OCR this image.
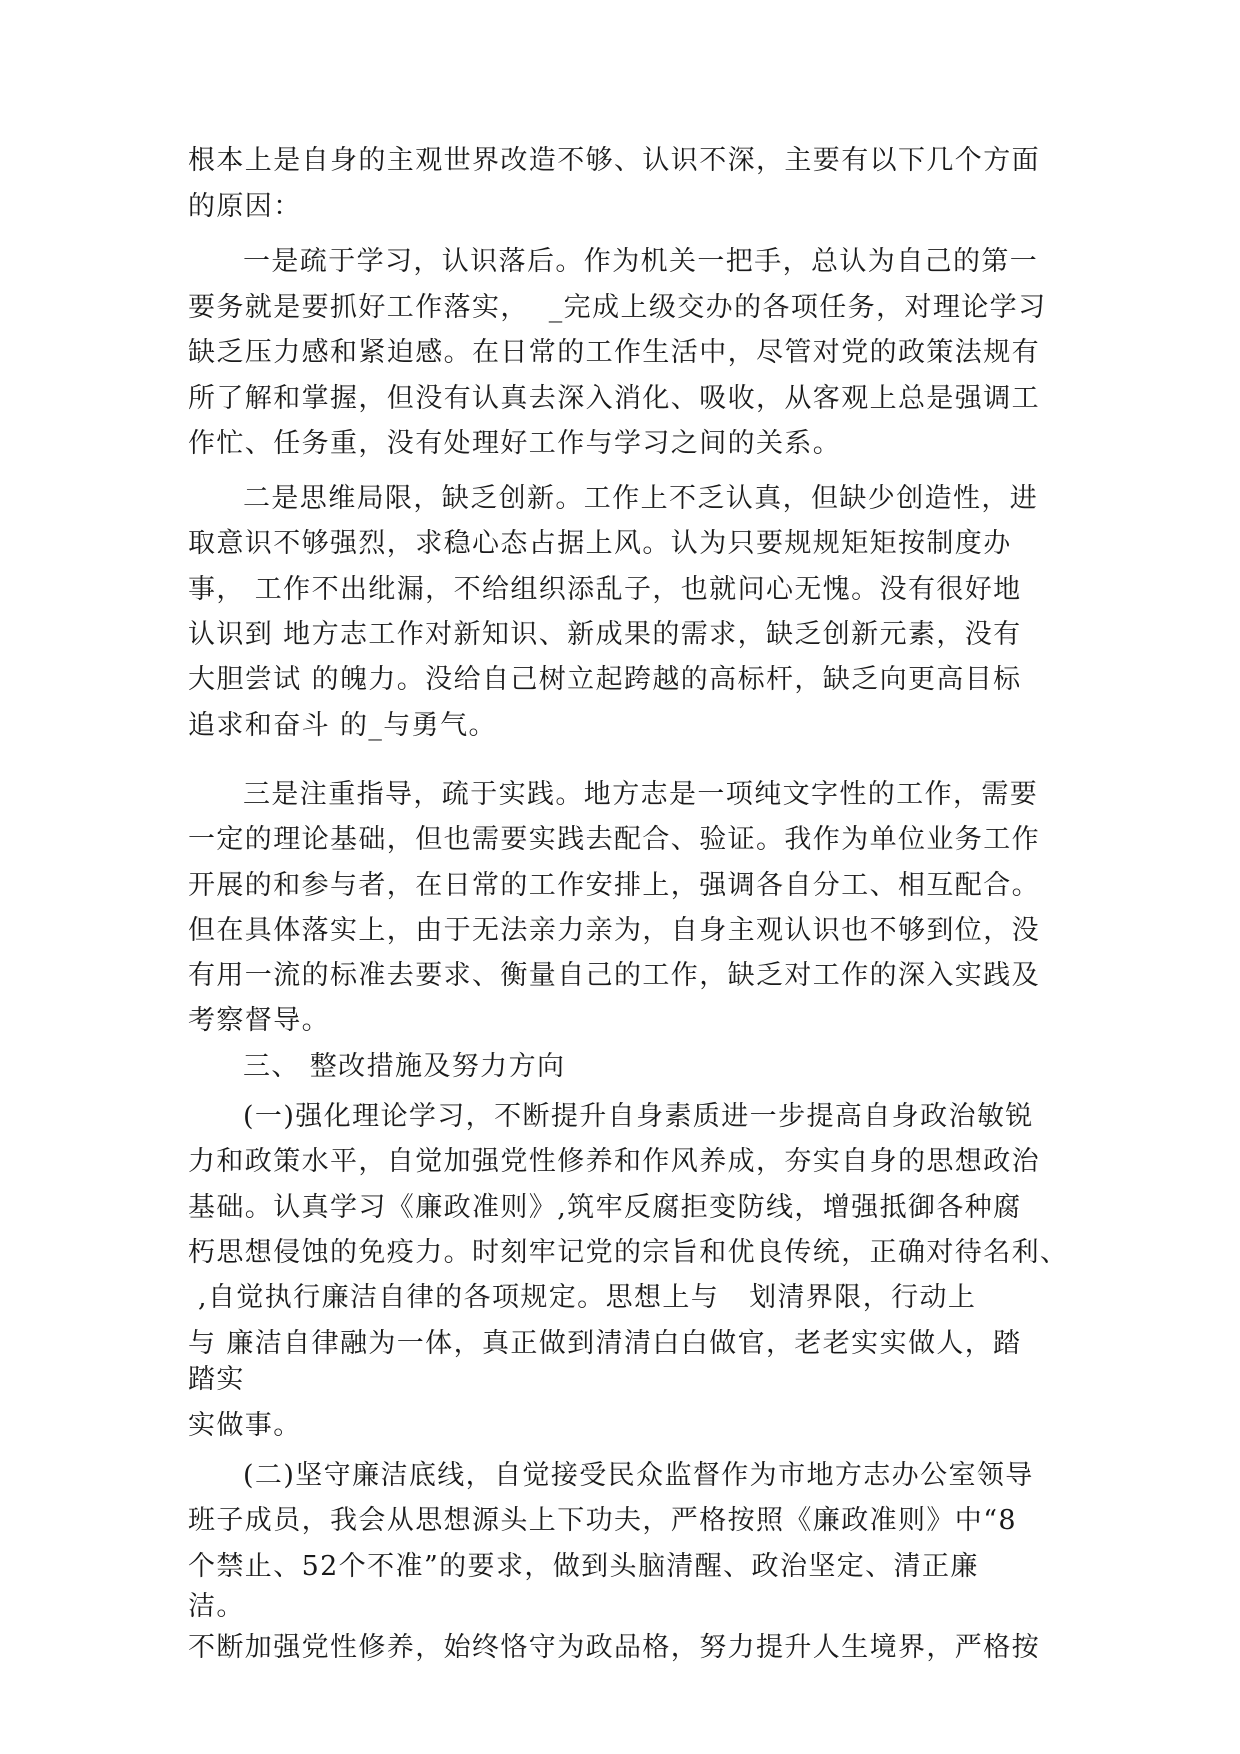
根本上是自身的主观世界改造不够、认识不深，主要有以下几个方面
的原因：
一是疏于学习，认识落后。作为机关一把手，总认为自己的第一
要务就是要抓好工作落实，  _完成上级交办的各项任务，对理论学习
缺乏压力感和紧迫感。在日常的工作生活中，尽管对党的政策法规有
所了解和掌握，但没有认真去深入消化、吸收，从客观上总是强调工
作忙、任务重，没有处理好工作与学习之间的关系。
二是思维局限，缺乏创新。工作上不乏认真，但缺少创造性，进
取意识不够强烈，求稳心态占据上风。认为只要规规矩矩按制度办
事， 工作不出纰漏，不给组织添乱子，也就问心无愧。没有很好地
认识到 地方志工作对新知识、新成果的需求，缺乏创新元素，没有
大胆尝试 的魄力。没给自己树立起跨越的高标杆，缺乏向更高目标
追求和奋斗 的_与勇气。
三是注重指导，疏于实践。地方志是一项纯文字性的工作，需要
一定的理论基础，但也需要实践去配合、验证。我作为单位业务工作
开展的和参与者，在日常的工作安排上，强调各自分工、相互配合。
但在具体落实上，由于无法亲力亲为，自身主观认识也不够到位，没
有用一流的标准去要求、衡量自己的工作，缺乏对工作的深入实践及
考察督导。
三、 整改措施及努力方向
(一)强化理论学习，不断提升自身素质进一步提高自身政治敏锐
力和政策水平，自觉加强党性修养和作风养成，夯实自身的思想政治
基础。认真学习《廉政准则》,筑牢反腐拒变防线，增强抵御各种腐
朽思想侵蚀的免疫力。时刻牢记党的宗旨和优良传统，正确对待名利、
,自觉执行廉洁自律的各项规定。思想上与   划清界限，行动上
与 廉洁自律融为一体，真正做到清清白白做官，老老实实做人，踏
踏实
实做事。
(二)坚守廉洁底线，自觉接受民众监督作为市地方志办公室领导
班子成员，我会从思想源头上下功夫，严格按照《廉政准则》中“8
个禁止、52个不准”的要求，做到头脑清醒、政治坚定、清正廉
洁。
不断加强党性修养，始终恪守为政品格，努力提升人生境界，严格按
